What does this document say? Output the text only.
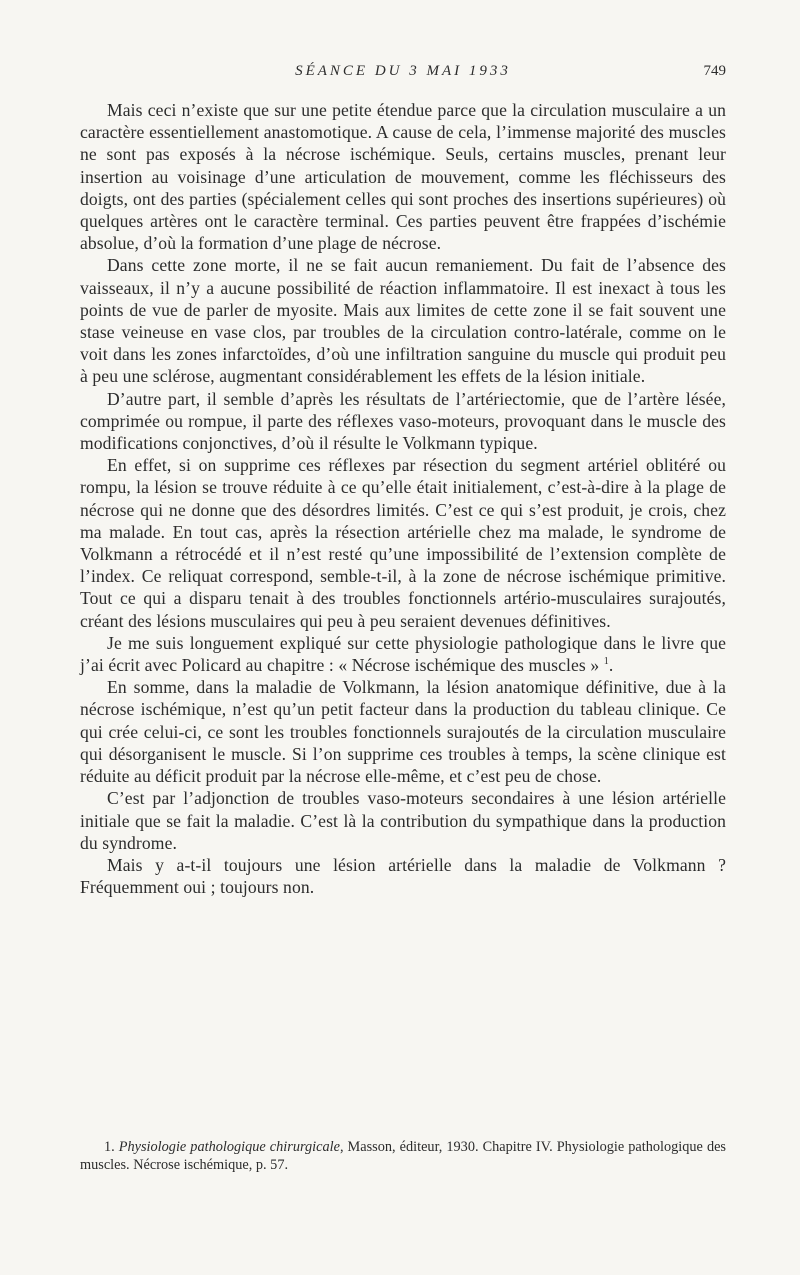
SÉANCE DU 3 MAI 1933	749

Mais ceci n’existe que sur une petite étendue parce que la circulation musculaire a un caractère essentiellement anastomotique. A cause de cela, l’immense majorité des muscles ne sont pas exposés à la nécrose ischémique. Seuls, certains muscles, prenant leur insertion au voisinage d’une articulation de mouvement, comme les fléchisseurs des doigts, ont des parties (spécialement celles qui sont proches des insertions supérieures) où quelques artères ont le caractère terminal. Ces parties peuvent être frappées d’ischémie absolue, d’où la formation d’une plage de nécrose.

Dans cette zone morte, il ne se fait aucun remaniement. Du fait de l’absence des vaisseaux, il n’y a aucune possibilité de réaction inflammatoire. Il est inexact à tous les points de vue de parler de myosite. Mais aux limites de cette zone il se fait souvent une stase veineuse en vase clos, par troubles de la circulation contro-latérale, comme on le voit dans les zones infarctoïdes, d’où une infiltration sanguine du muscle qui produit peu à peu une sclérose, augmentant considérablement les effets de la lésion initiale.

D’autre part, il semble d’après les résultats de l’artériectomie, que de l’artère lésée, comprimée ou rompue, il parte des réflexes vaso-moteurs, provoquant dans le muscle des modifications conjonctives, d’où il résulte le Volkmann typique.

En effet, si on supprime ces réflexes par résection du segment artériel oblitéré ou rompu, la lésion se trouve réduite à ce qu’elle était initialement, c’est-à-dire à la plage de nécrose qui ne donne que des désordres limités. C’est ce qui s’est produit, je crois, chez ma malade. En tout cas, après la résection artérielle chez ma malade, le syndrome de Volkmann a rétrocédé et il n’est resté qu’une impossibilité de l’extension complète de l’index. Ce reliquat correspond, semble-t-il, à la zone de nécrose ischémique primitive. Tout ce qui a disparu tenait à des troubles fonctionnels artério-musculaires surajoutés, créant des lésions musculaires qui peu à peu seraient devenues définitives.

Je me suis longuement expliqué sur cette physiologie pathologique dans le livre que j’ai écrit avec Policard au chapitre : « Nécrose ischémique des muscles » $^1$.

En somme, dans la maladie de Volkmann, la lésion anatomique définitive, due à la nécrose ischémique, n’est qu’un petit facteur dans la production du tableau clinique. Ce qui crée celui-ci, ce sont les troubles fonctionnels surajoutés de la circulation musculaire qui désorganisent le muscle. Si l’on supprime ces troubles à temps, la scène clinique est réduite au déficit produit par la nécrose elle-même, et c’est peu de chose.

C’est par l’adjonction de troubles vaso-moteurs secondaires à une lésion artérielle initiale que se fait la maladie. C’est là la contribution du sympathique dans la production du syndrome.

Mais y a-t-il toujours une lésion artérielle dans la maladie de Volkmann ? Fréquemment oui ; toujours non.

1. Physiologie pathologique chirurgicale, Masson, éditeur, 1930. Chapitre IV. Physiologie pathologique des muscles. Nécrose ischémique, p. 57.
